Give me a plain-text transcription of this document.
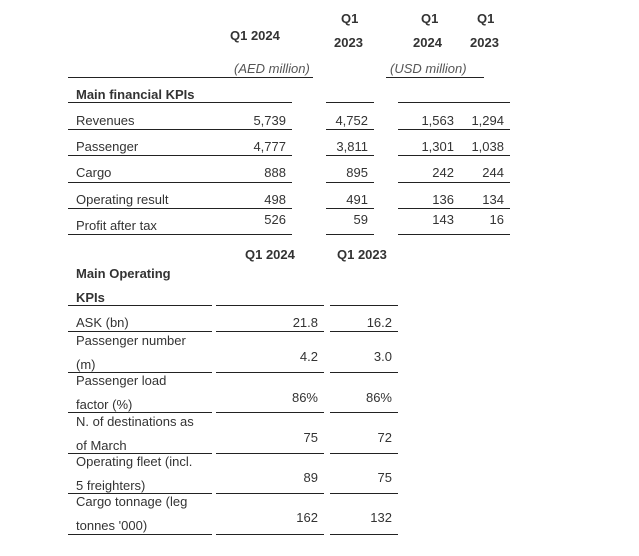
Q1 2024
Q1
2023
Q1
2024
Q1
2023
(AED million)	(USD million)
Main financial KPIs
Revenues	5,739	4,752	1,563 1,294
Passenger	4,777	3,811	1,301 1,038
Cargo	888	895	242 244
Operating result	498	491	136 134
Profit after tax	526	59	143	16
Q1 2024	Q1 2023
Main Operating
KPIs
ASK (bn)	21.8	16.2
Passenger number
(m)
4.2	3.0
Passenger load
factor (%)	86%	86%
N. of destinations as
of March
75	72
Operating fleet (incl.
5 freighters)
89	75
Cargo tonnage (leg
tonnes '000)
162	132
